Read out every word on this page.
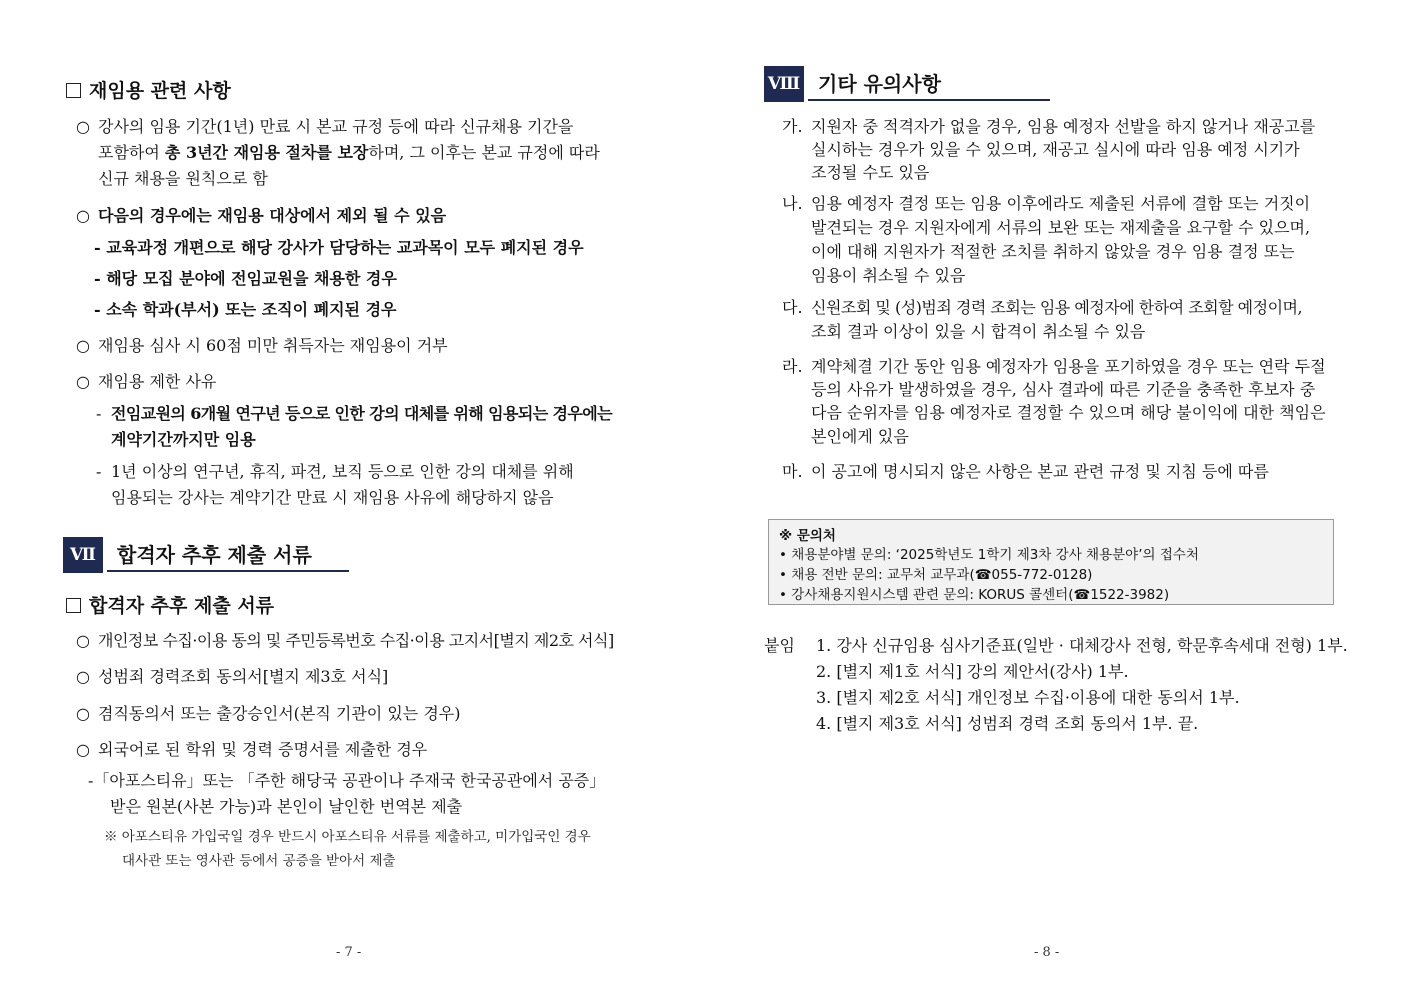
재임용 관련 사항
○ 강사의 임용 기간(1년) 만료 시 본교 규정 등에 따라 신규채용 기간을
포함하여 총 3년간 재임용 절차를 보장하며, 그 이후는 본교 규정에 따라
신규 채용을 원칙으로 함
○ 다음의 경우에는 재임용 대상에서 제외 될 수 있음
- 교육과정 개편으로 해당 강사가 담당하는 교과목이 모두 폐지된 경우
- 해당 모집 분야에 전임교원을 채용한 경우
- 소속 학과(부서) 또는 조직이 폐지된 경우
○ 재임용 심사 시 60점 미만 취득자는 재임용이 거부
○ 재임용 제한 사유
- 전임교원의 6개월 연구년 등으로 인한 강의 대체를 위해 임용되는 경우에는
계약기간까지만 임용
- 1년 이상의 연구년, 휴직, 파견, 보직 등으로 인한 강의 대체를 위해
임용되는 강사는 계약기간 만료 시 재임용 사유에 해당하지 않음
Ⅶ	합격자 추후 제출 서류
합격자 추후 제출 서류
○ 개인정보 수집·이용 동의 및 주민등록번호 수집·이용 고지서[별지 제2호 서식]
○ 성범죄 경력조회 동의서[별지 제3호 서식]
○ 겸직동의서 또는 출강승인서(본직 기관이 있는 경우)
○ 외국어로 된 학위 및 경력 증명서를 제출한 경우
-「아포스티유」또는 「주한 해당국 공관이나 주재국 한국공관에서 공증」
받은 원본(사본 가능)과 본인이 날인한 번역본 제출
※ 아포스티유 가입국일 경우 반드시 아포스티유 서류를 제출하고, 미가입국인 경우
대사관 또는 영사관 등에서 공증을 받아서 제출
- 7 -
Ⅷ 기타 유의사항
가. 지원자 중 적격자가 없을 경우, 임용 예정자 선발을 하지 않거나 재공고를
실시하는 경우가 있을 수 있으며, 재공고 실시에 따라 임용 예정 시기가
조정될 수도 있음
나. 임용 예정자 결정 또는 임용 이후에라도 제출된 서류에 결함 또는 거짓이
발견되는 경우 지원자에게 서류의 보완 또는 재제출을 요구할 수 있으며,
이에 대해 지원자가 적절한 조치를 취하지 않았을 경우 임용 결정 또는
임용이 취소될 수 있음
다. 신원조회 및 (성)범죄 경력 조회는 임용 예정자에 한하여 조회할 예정이며,
조회 결과 이상이 있을 시 합격이 취소될 수 있음
라. 계약체결 기간 동안 임용 예정자가 임용을 포기하였을 경우 또는 연락 두절
등의 사유가 발생하였을 경우, 심사 결과에 따른 기준을 충족한 후보자 중
다음 순위자를 임용 예정자로 결정할 수 있으며 해당 불이익에 대한 책임은
본인에게 있음
마. 이 공고에 명시되지 않은 사항은 본교 관련 규정 및 지침 등에 따름
※ 문의처
• 채용분야별 문의: ‘2025학년도 1학기 제3차 강사 채용분야’의 접수처
• 채용 전반 문의: 교무처 교무과(☎055-772-0128)
• 강사채용지원시스템 관련 문의: KORUS 콜센터(☎1522-3982)
붙임 1. 강사 신규임용 심사기준표(일반 · 대체강사 전형, 학문후속세대 전형) 1부.
2. [별지 제1호 서식] 강의 제안서(강사) 1부.
3. [별지 제2호 서식] 개인정보 수집·이용에 대한 동의서 1부.
4. [별지 제3호 서식] 성범죄 경력 조회 동의서 1부. 끝.
- 8 -
